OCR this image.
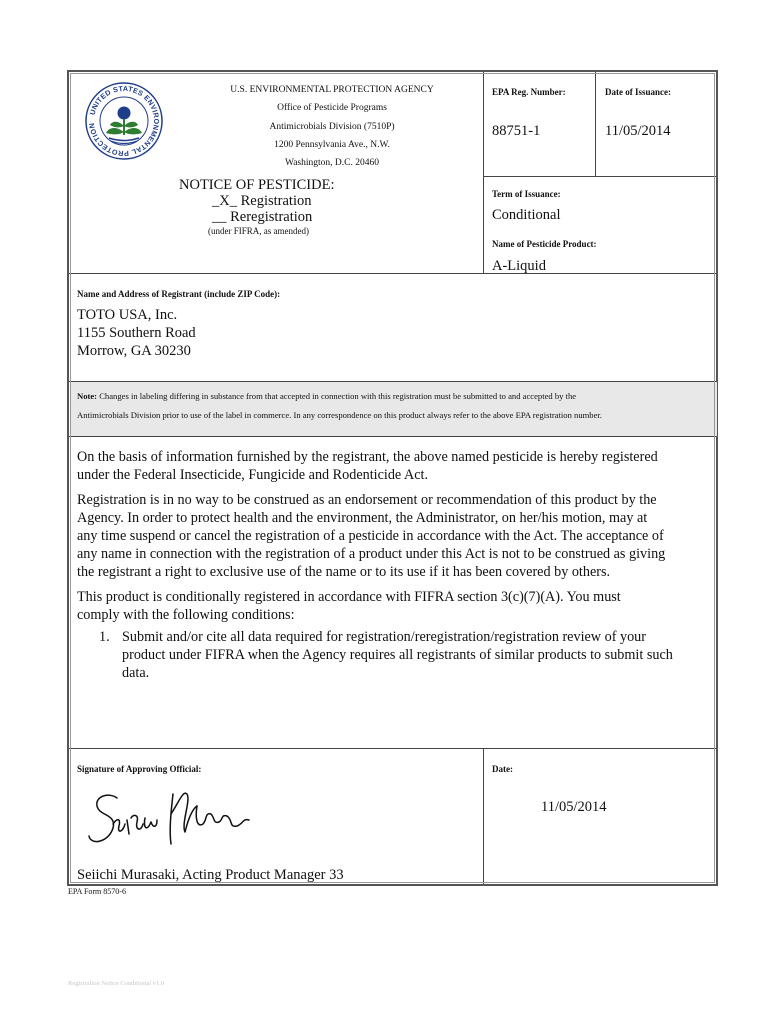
UNITED STATES ENVIRONMENTAL PROTECTION
U.S. ENVIRONMENTAL PROTECTION AGENCY
Office of Pesticide Programs
Antimicrobials Division (7510P)
1200 Pennsylvania Ave., N.W.
Washington, D.C. 20460
NOTICE OF PESTICIDE:
_X_ Registration
__ Reregistration
(under FIFRA, as amended)
EPA Reg. Number:
88751-1
Date of Issuance:
11/05/2014
Term of Issuance:
Conditional
Name of Pesticide Product:
A-Liquid
Name and Address of Registrant (include ZIP Code):
TOTO USA, Inc.
1155 Southern Road
Morrow, GA 30230
Note: Changes in labeling differing in substance from that accepted in connection with this registration must be submitted to and accepted by the
Antimicrobials Division prior to use of the label in commerce. In any correspondence on this product always refer to the above EPA registration number.
On the basis of information furnished by the registrant, the above named pesticide is hereby registered
under the Federal Insecticide, Fungicide and Rodenticide Act.
Registration is in no way to be construed as an endorsement or recommendation of this product by the
Agency. In order to protect health and the environment, the Administrator, on her/his motion, may at
any time suspend or cancel the registration of a pesticide in accordance with the Act. The acceptance of
any name in connection with the registration of a product under this Act is not to be construed as giving
the registrant a right to exclusive use of the name or to its use if it has been covered by others.
This product is conditionally registered in accordance with FIFRA section 3(c)(7)(A). You must
comply with the following conditions:
1. Submit and/or cite all data required for registration/reregistration/registration review of your
product under FIFRA when the Agency requires all registrants of similar products to submit such
data.
Signature of Approving Official:	Date:
11/05/2014
Seiichi Murasaki, Acting Product Manager 33
EPA Form 8570-6
Registration Notice Conditional v1.0
